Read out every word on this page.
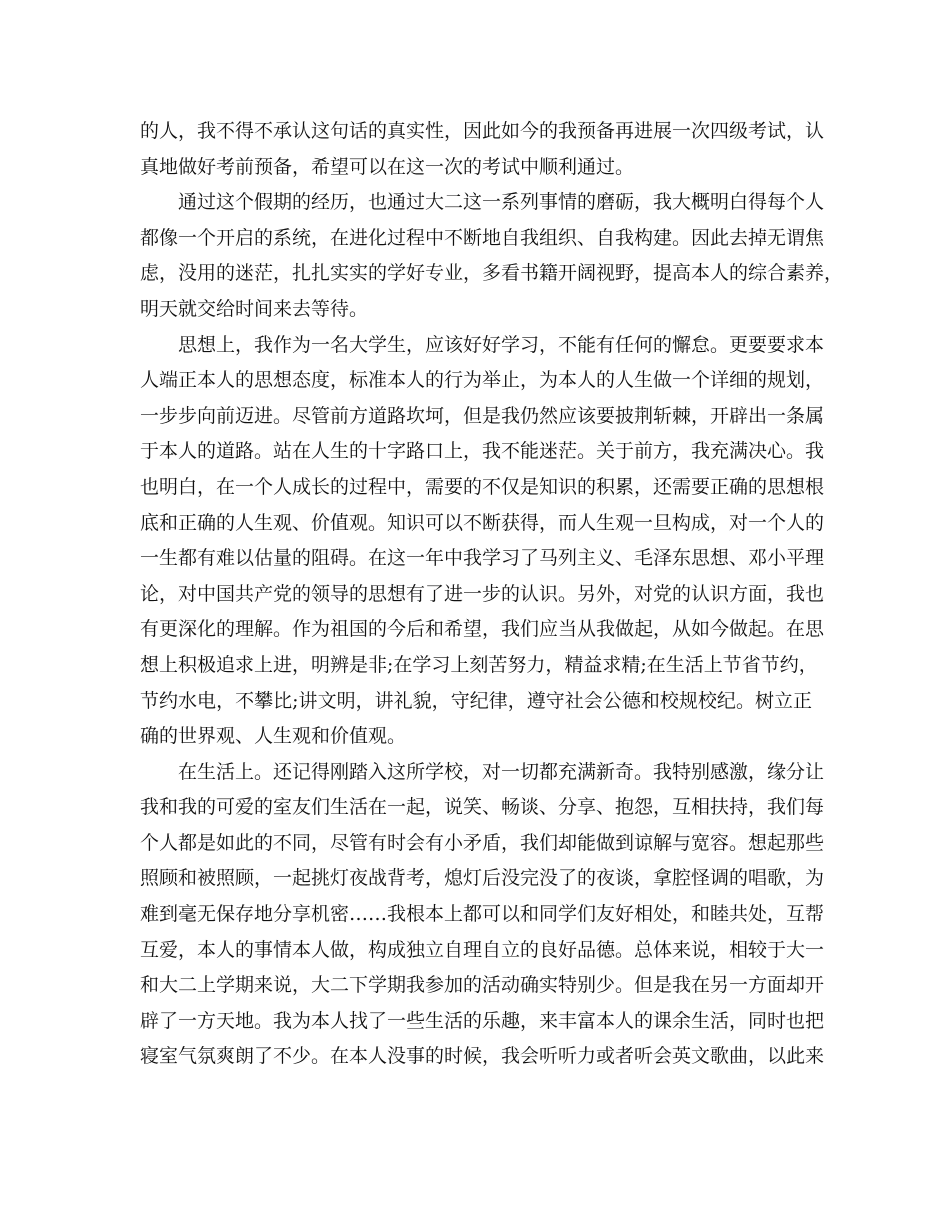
的人，我不得不承认这句话的真实性，因此如今的我预备再进展一次四级考试，认
真地做好考前预备，希望可以在这一次的考试中顺利通过。
通过这个假期的经历，也通过大二这一系列事情的磨砺，我大概明白得每个人
都像一个开启的系统，在进化过程中不断地自我组织、自我构建。因此去掉无谓焦
虑，没用的迷茫，扎扎实实的学好专业，多看书籍开阔视野，提高本人的综合素养，
明天就交给时间来去等待。
思想上，我作为一名大学生，应该好好学习，不能有任何的懈怠。更要要求本
人端正本人的思想态度，标准本人的行为举止，为本人的人生做一个详细的规划，
一步步向前迈进。尽管前方道路坎坷，但是我仍然应该要披荆斩棘，开辟出一条属
于本人的道路。站在人生的十字路口上，我不能迷茫。关于前方，我充满决心。我
也明白，在一个人成长的过程中，需要的不仅是知识的积累，还需要正确的思想根
底和正确的人生观、价值观。知识可以不断获得，而人生观一旦构成，对一个人的
一生都有难以估量的阻碍。在这一年中我学习了马列主义、毛泽东思想、邓小平理
论，对中国共产党的领导的思想有了进一步的认识。另外，对党的认识方面，我也
有更深化的理解。作为祖国的今后和希望，我们应当从我做起，从如今做起。在思
想上积极追求上进，明辨是非;在学习上刻苦努力，精益求精;在生活上节省节约，
节约水电，不攀比;讲文明，讲礼貌，守纪律，遵守社会公德和校规校纪。树立正
确的世界观、人生观和价值观。
在生活上。还记得刚踏入这所学校，对一切都充满新奇。我特别感激，缘分让
我和我的可爱的室友们生活在一起，说笑、畅谈、分享、抱怨，互相扶持，我们每
个人都是如此的不同，尽管有时会有小矛盾，我们却能做到谅解与宽容。想起那些
照顾和被照顾，一起挑灯夜战背考，熄灯后没完没了的夜谈，拿腔怪调的唱歌，为
难到毫无保存地分享机密……我根本上都可以和同学们友好相处，和睦共处，互帮
互爱，本人的事情本人做，构成独立自理自立的良好品德。总体来说，相较于大一
和大二上学期来说，大二下学期我参加的活动确实特别少。但是我在另一方面却开
辟了一方天地。我为本人找了一些生活的乐趣，来丰富本人的课余生活，同时也把
寝室气氛爽朗了不少。在本人没事的时候，我会听听力或者听会英文歌曲，以此来
